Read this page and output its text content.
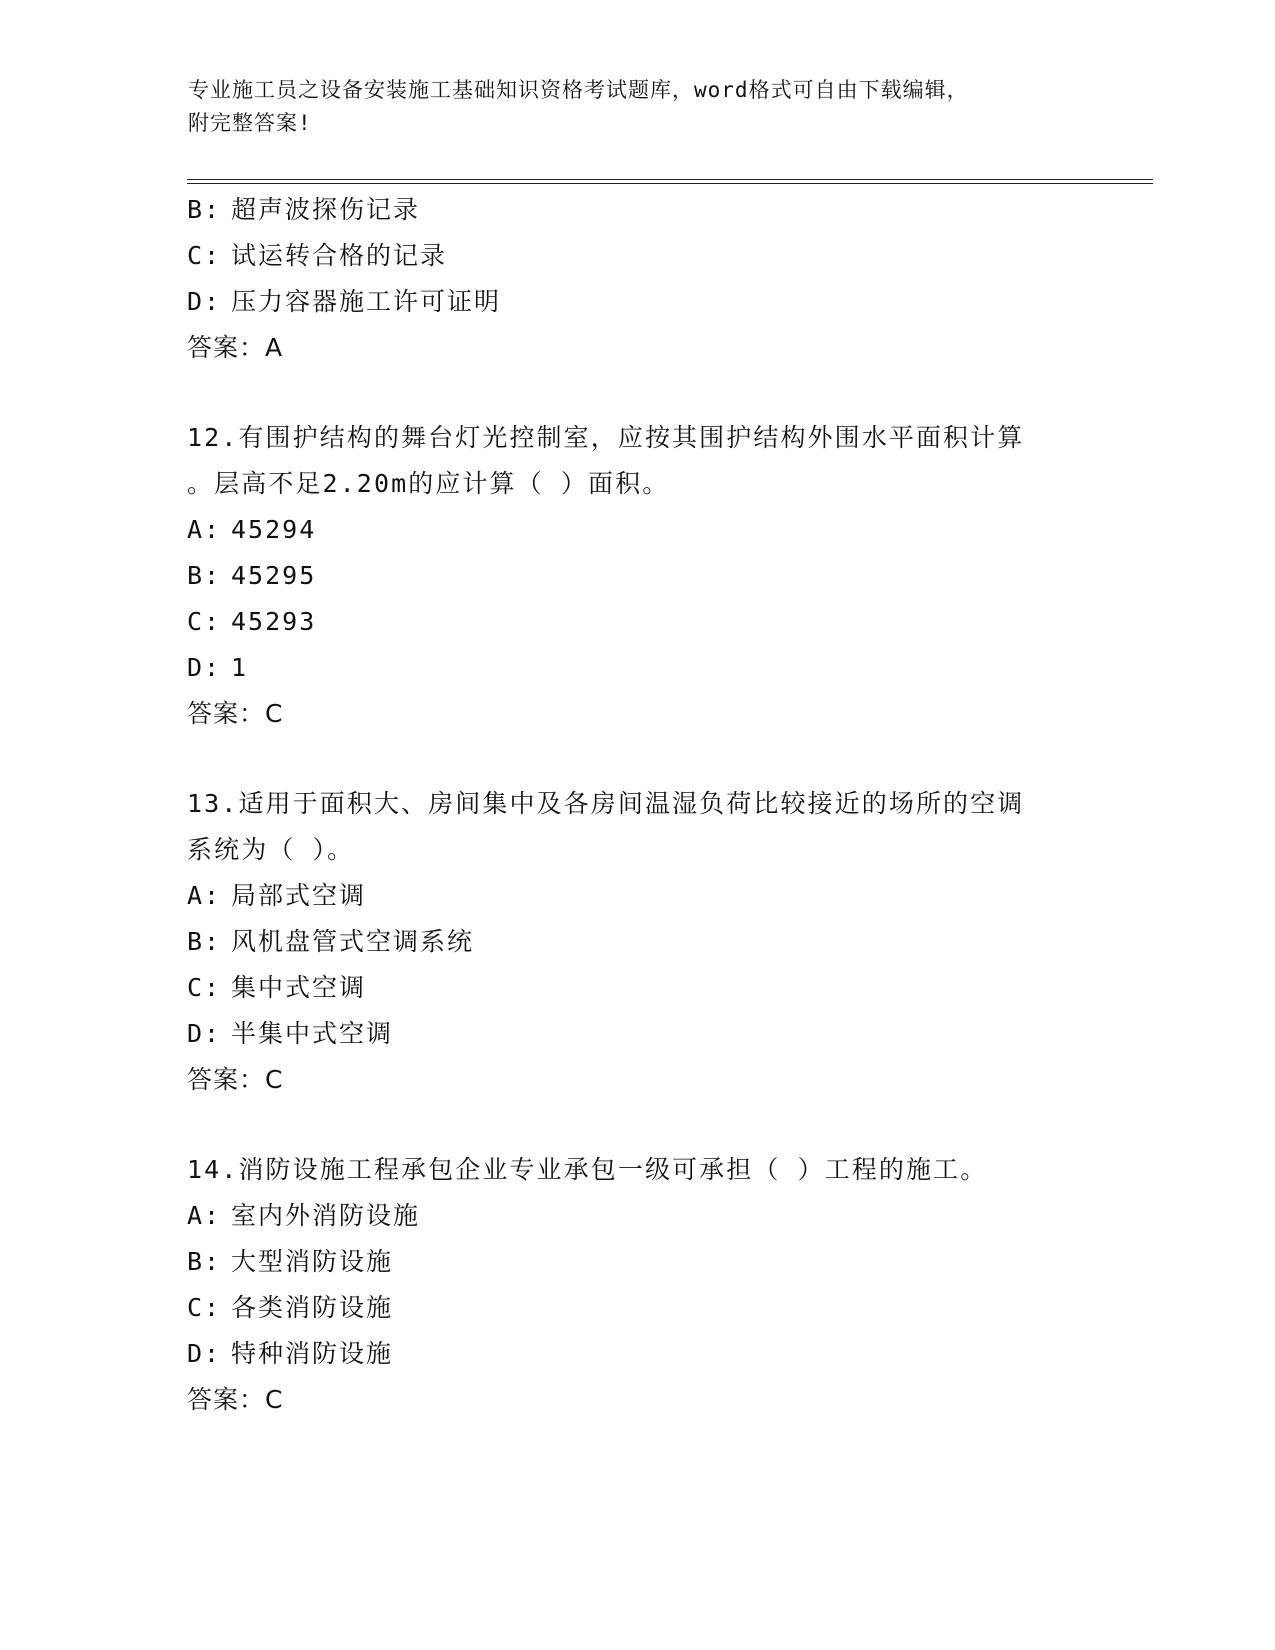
专业施工员之设备安装施工基础知识资格考试题库，word格式可自由下载编辑，
附完整答案!
B: 超声波探伤记录
C: 试运转合格的记录
D: 压力容器施工许可证明
答案：A
12.有围护结构的舞台灯光控制室，应按其围护结构外围水平面积计算
。层高不足2.20m的应计算（ ）面积。
A: 45294
B: 45295
C: 45293
D: 1
答案：C
13.适用于面积大、房间集中及各房间温湿负荷比较接近的场所的空调
系统为（ ）。
A: 局部式空调
B: 风机盘管式空调系统
C: 集中式空调
D: 半集中式空调
答案：C
14.消防设施工程承包企业专业承包一级可承担（ ）工程的施工。
A: 室内外消防设施
B: 大型消防设施
C: 各类消防设施
D: 特种消防设施
答案：C
